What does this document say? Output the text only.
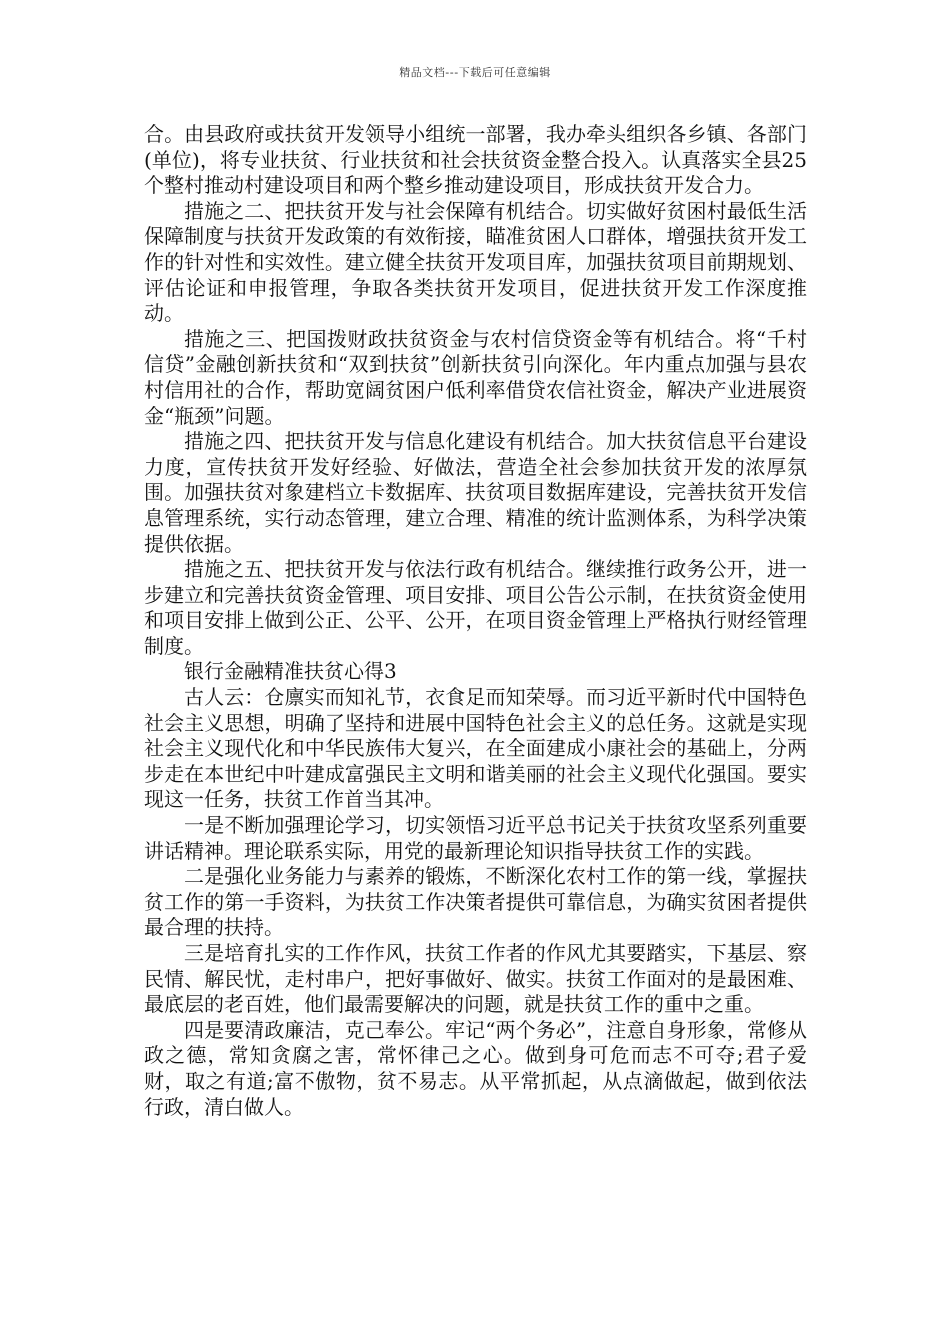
精品文档---下载后可任意编辑

合。由县政府或扶贫开发领导小组统一部署，我办牵头组织各乡镇、各部门(单位)，将专业扶贫、行业扶贫和社会扶贫资金整合投入。认真落实全县25个整村推动村建设项目和两个整乡推动建设项目，形成扶贫开发合力。

措施之二、把扶贫开发与社会保障有机结合。切实做好贫困村最低生活保障制度与扶贫开发政策的有效衔接，瞄准贫困人口群体，增强扶贫开发工作的针对性和实效性。建立健全扶贫开发项目库，加强扶贫项目前期规划、评估论证和申报管理，争取各类扶贫开发项目，促进扶贫开发工作深度推动。

措施之三、把国拨财政扶贫资金与农村信贷资金等有机结合。将“千村信贷”金融创新扶贫和“双到扶贫”创新扶贫引向深化。年内重点加强与县农村信用社的合作，帮助宽阔贫困户低利率借贷农信社资金，解决产业进展资金“瓶颈”问题。

措施之四、把扶贫开发与信息化建设有机结合。加大扶贫信息平台建设力度，宣传扶贫开发好经验、好做法，营造全社会参加扶贫开发的浓厚氛围。加强扶贫对象建档立卡数据库、扶贫项目数据库建设，完善扶贫开发信息管理系统，实行动态管理，建立合理、精准的统计监测体系，为科学决策提供依据。

措施之五、把扶贫开发与依法行政有机结合。继续推行政务公开，进一步建立和完善扶贫资金管理、项目安排、项目公告公示制，在扶贫资金使用和项目安排上做到公正、公平、公开，在项目资金管理上严格执行财经管理制度。

银行金融精准扶贫心得3

古人云：仓廪实而知礼节，衣食足而知荣辱。而习近平新时代中国特色社会主义思想，明确了坚持和进展中国特色社会主义的总任务。这就是实现社会主义现代化和中华民族伟大复兴，在全面建成小康社会的基础上，分两步走在本世纪中叶建成富强民主文明和谐美丽的社会主义现代化强国。要实现这一任务，扶贫工作首当其冲。

一是不断加强理论学习，切实领悟习近平总书记关于扶贫攻坚系列重要讲话精神。理论联系实际，用党的最新理论知识指导扶贫工作的实践。

二是强化业务能力与素养的锻炼，不断深化农村工作的第一线，掌握扶贫工作的第一手资料，为扶贫工作决策者提供可靠信息，为确实贫困者提供最合理的扶持。

三是培育扎实的工作作风，扶贫工作者的作风尤其要踏实，下基层、察民情、解民忧，走村串户，把好事做好、做实。扶贫工作面对的是最困难、最底层的老百姓，他们最需要解决的问题，就是扶贫工作的重中之重。

四是要清政廉洁，克己奉公。牢记“两个务必”，注意自身形象，常修从政之德，常知贪腐之害，常怀律己之心。做到身可危而志不可夺;君子爱财，取之有道;富不傲物，贫不易志。从平常抓起，从点滴做起，做到依法行政，清白做人。
